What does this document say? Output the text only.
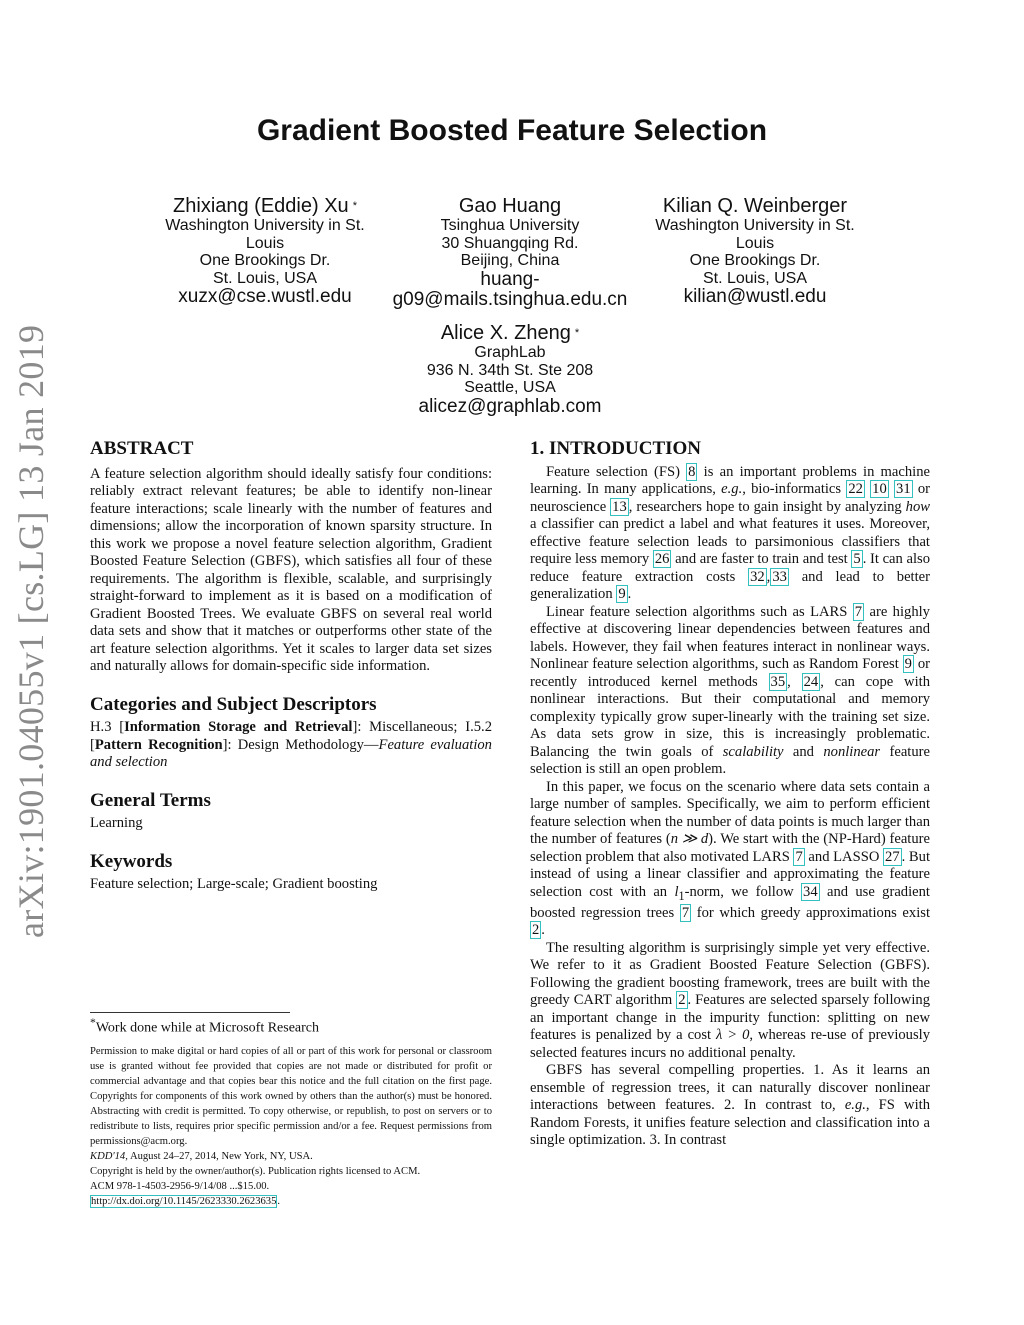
arXiv:1901.04055v1 [cs.LG] 13 Jan 2019
Gradient Boosted Feature Selection
Zhixiang (Eddie) Xu *
Washington University in St.
Louis
One Brookings Dr.
St. Louis, USA
xuzx@cse.wustl.edu
Gao Huang
Tsinghua University
30 Shuangqing Rd.
Beijing, China
huang-
g09@mails.tsinghua.edu.cn
Kilian Q. Weinberger
Washington University in St.
Louis
One Brookings Dr.
St. Louis, USA
kilian@wustl.edu
Alice X. Zheng *
GraphLab
936 N. 34th St. Ste 208
Seattle, USA
alicez@graphlab.com
ABSTRACT

A feature selection algorithm should ideally satisfy four conditions: reliably extract relevant features; be able to identify non-linear feature interactions; scale linearly with the number of features and dimensions; allow the incorporation of known sparsity structure. In this work we propose a novel feature selection algorithm, Gradient Boosted Feature Selection (GBFS), which satisfies all four of these requirements. The algorithm is flexible, scalable, and surprisingly straight-forward to implement as it is based on a modification of Gradient Boosted Trees. We evaluate GBFS on several real world data sets and show that it matches or outperforms other state of the art feature selection algorithms. Yet it scales to larger data set sizes and naturally allows for domain-specific side information.

Categories and Subject Descriptors

H.3 [Information Storage and Retrieval]: Miscellaneous; I.5.2 [Pattern Recognition]: Design Methodology—Feature evaluation and selection

General Terms

Learning

Keywords

Feature selection; Large-scale; Gradient boosting

*Work done while at Microsoft Research

Permission to make digital or hard copies of all or part of this work for personal or classroom use is granted without fee provided that copies are not made or distributed for profit or commercial advantage and that copies bear this notice and the full citation on the first page. Copyrights for components of this work owned by others than the author(s) must be honored. Abstracting with credit is permitted. To copy otherwise, or republish, to post on servers or to redistribute to lists, requires prior specific permission and/or a fee. Request permissions from permissions@acm.org.

KDD'14, August 24–27, 2014, New York, NY, USA.

Copyright is held by the owner/author(s). Publication rights licensed to ACM.

ACM 978-1-4503-2956-9/14/08 ...$15.00.

http://dx.doi.org/10.1145/2623330.2623635.

1. INTRODUCTION

Feature selection (FS) 8 is an important problems in machine learning. In many applications, e.g., bio-informatics 22 10 31 or neuroscience 13 , researchers hope to gain insight by analyzing how a classifier can predict a label and what features it uses. Moreover, effective feature selection leads to parsimonious classifiers that require less memory 26 and are faster to train and test 5 . It can also reduce feature extraction costs 32 , 33 and lead to better generalization 9 .

Linear feature selection algorithms such as LARS 7 are highly effective at discovering linear dependencies between features and labels. However, they fail when features interact in nonlinear ways. Nonlinear feature selection algorithms, such as Random Forest 9 or recently introduced kernel methods 35 , 24 , can cope with nonlinear interactions. But their computational and memory complexity typically grow super-linearly with the training set size. As data sets grow in size, this is increasingly problematic. Balancing the twin goals of scalability and nonlinear feature selection is still an open problem.

In this paper, we focus on the scenario where data sets contain a large number of samples. Specifically, we aim to perform efficient feature selection when the number of data points is much larger than the number of features (n ≫ d). We start with the (NP-Hard) feature selection problem that also motivated LARS 7 and LASSO 27 . But instead of using a linear classifier and approximating the feature selection cost with an $l_1$-norm, we follow 34 and use gradient boosted regression trees 7 for which greedy approximations exist 2 .

The resulting algorithm is surprisingly simple yet very effective. We refer to it as Gradient Boosted Feature Selection (GBFS). Following the gradient boosting framework, trees are built with the greedy CART algorithm 2 . Features are selected sparsely following an important change in the impurity function: splitting on new features is penalized by a cost λ > 0, whereas re-use of previously selected features incurs no additional penalty.

GBFS has several compelling properties. 1. As it learns an ensemble of regression trees, it can naturally discover nonlinear interactions between features. 2. In contrast to, e.g., FS with Random Forests, it unifies feature selection and classification into a single optimization. 3. In contrast
